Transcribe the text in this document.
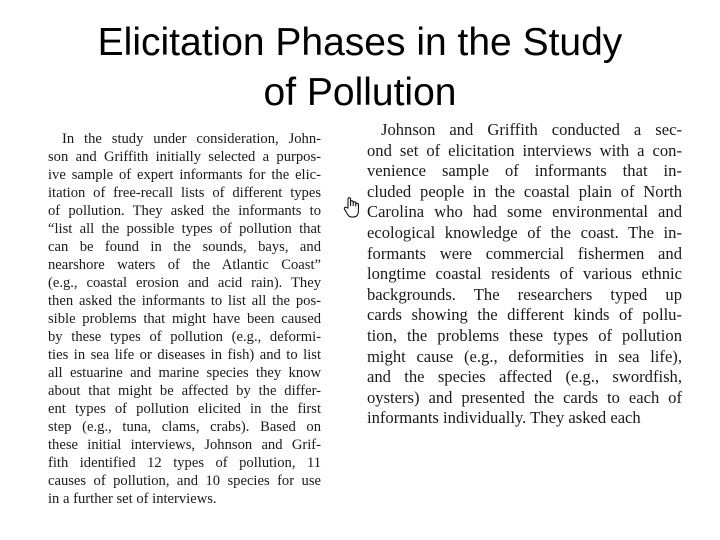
Elicitation Phases in the Study
of Pollution
In the study under consideration, John-
son and Griffith initially selected a purpos-
ive sample of expert informants for the elic-
itation of free-recall lists of different types
of pollution. They asked the informants to
“list all the possible types of pollution that
can be found in the sounds, bays, and
nearshore waters of the Atlantic Coast”
(e.g., coastal erosion and acid rain). They
then asked the informants to list all the pos-
sible problems that might have been caused
by these types of pollution (e.g., deformi-
ties in sea life or diseases in fish) and to list
all estuarine and marine species they know
about that might be affected by the differ-
ent types of pollution elicited in the first
step (e.g., tuna, clams, crabs). Based on
these initial interviews, Johnson and Grif-
fith identified 12 types of pollution, 11
causes of pollution, and 10 species for use
in a further set of interviews.
Johnson and Griffith conducted a sec-
ond set of elicitation interviews with a con-
venience sample of informants that in-
cluded people in the coastal plain of North
Carolina who had some environmental and
ecological knowledge of the coast. The in-
formants were commercial fishermen and
longtime coastal residents of various ethnic
backgrounds. The researchers typed up
cards showing the different kinds of pollu-
tion, the problems these types of pollution
might cause (e.g., deformities in sea life),
and the species affected (e.g., swordfish,
oysters) and presented the cards to each of
informants individually. They asked each
